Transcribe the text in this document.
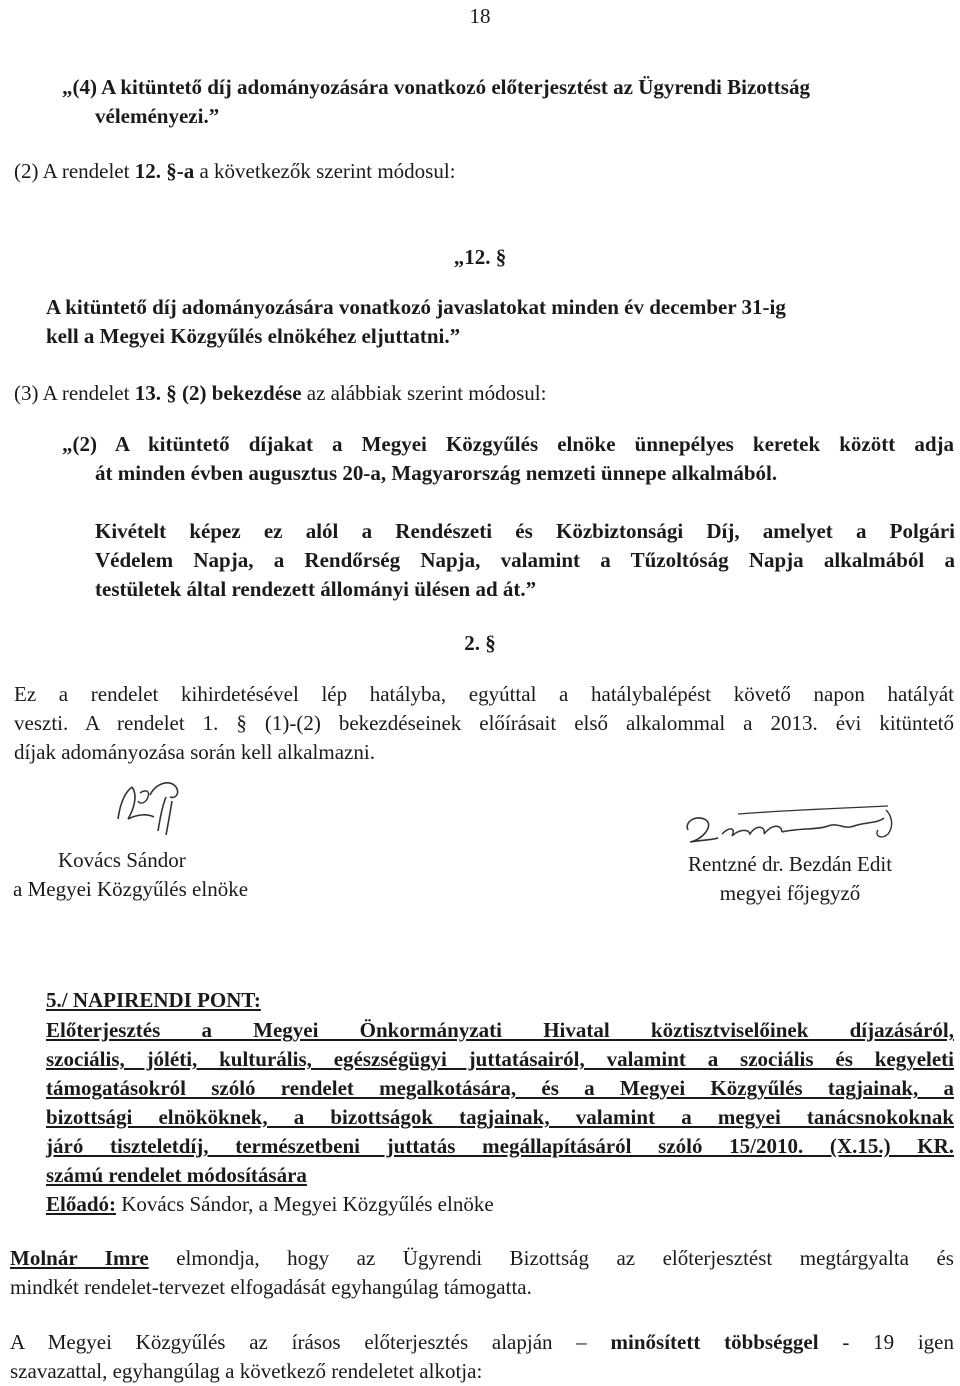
18
„(4) A kitüntető díj adományozására vonatkozó előterjesztést az Ügyrendi Bizottság
véleményezi.”
(2) A rendelet 12. §-a a következők szerint módosul:
„12. §
A kitüntető díj adományozására vonatkozó javaslatokat minden év december 31-ig
kell a Megyei Közgyűlés elnökéhez eljuttatni.”
(3) A rendelet 13. § (2) bekezdése az alábbiak szerint módosul:
„(2) A kitüntető díjakat a Megyei Közgyűlés elnöke ünnepélyes keretek között adja
át minden évben augusztus 20-a, Magyarország nemzeti ünnepe alkalmából.
Kivételt képez ez alól a Rendészeti és Közbiztonsági Díj, amelyet a Polgári
Védelem Napja, a Rendőrség Napja, valamint a Tűzoltóság Napja alkalmából a
testületek által rendezett állományi ülésen ad át.”
2. §
Ez a rendelet kihirdetésével lép hatályba, egyúttal a hatálybalépést követő napon hatályát
veszti. A rendelet 1. § (1)-(2) bekezdéseinek előírásait első alkalommal a 2013. évi kitüntető
díjak adományozása során kell alkalmazni.
Kovács Sándor
a Megyei Közgyűlés elnöke
Rentzné dr. Bezdán Edit
megyei főjegyző
5./ NAPIRENDI PONT:
Előterjesztés a Megyei Önkormányzati Hivatal köztisztviselőinek díjazásáról,
szociális, jóléti, kulturális, egészségügyi juttatásairól, valamint a szociális és kegyeleti
támogatásokról szóló rendelet megalkotására, és a Megyei Közgyűlés tagjainak, a
bizottsági elnököknek, a bizottságok tagjainak, valamint a megyei tanácsnokoknak
járó tiszteletdíj, természetbeni juttatás megállapításáról szóló 15/2010. (X.15.) KR.
számú rendelet módosítására
Előadó: Kovács Sándor, a Megyei Közgyűlés elnöke
Molnár Imre elmondja, hogy az Ügyrendi Bizottság az előterjesztést megtárgyalta és
mindkét rendelet-tervezet elfogadását egyhangúlag támogatta.
A Megyei Közgyűlés az írásos előterjesztés alapján – minősített többséggel - 19 igen
szavazattal, egyhangúlag a következő rendeletet alkotja:
